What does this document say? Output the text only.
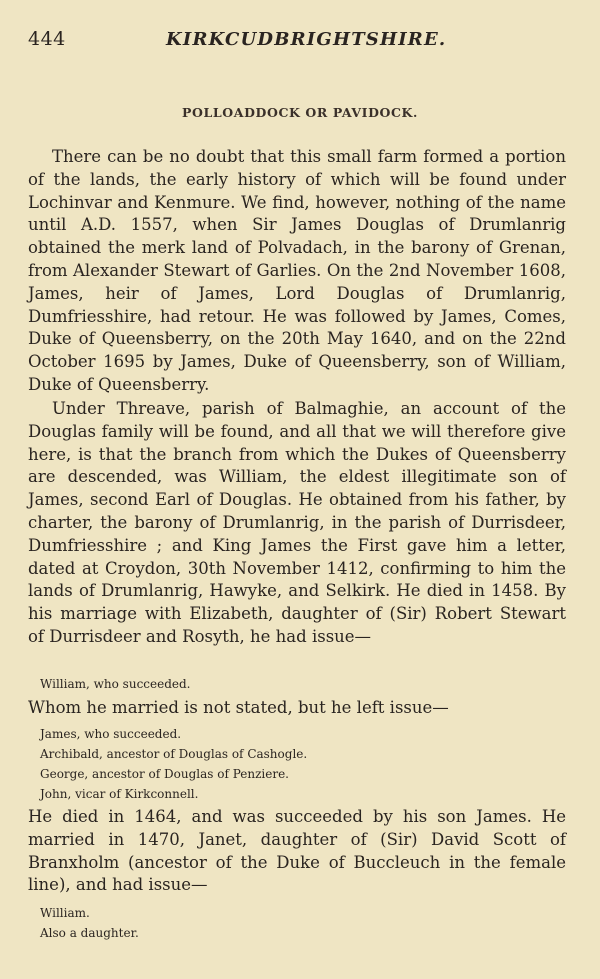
444	KIRKCUDBRIGHTSHIRE.
POLLOADDOCK OR PAVIDOCK.

There can be no doubt that this small farm formed a portion of the lands, the early history of which will be found under Lochinvar and Kenmure. We find, however, nothing of the name until A.D. 1557, when Sir James Douglas of Drumlanrig obtained the merk land of Polvadach, in the barony of Grenan, from Alexander Stewart of Garlies. On the 2nd November 1608, James, heir of James, Lord Douglas of Drumlanrig, Dumfriesshire, had retour. He was followed by James, Comes, Duke of Queensberry, on the 20th May 1640, and on the 22nd October 1695 by James, Duke of Queensberry, son of William, Duke of Queensberry.

Under Threave, parish of Balmaghie, an account of the Douglas family will be found, and all that we will therefore give here, is that the branch from which the Dukes of Queensberry are descended, was William, the eldest illegitimate son of James, second Earl of Douglas. He obtained from his father, by charter, the barony of Drumlanrig, in the parish of Durrisdeer, Dumfriesshire ; and King James the First gave him a letter, dated at Croydon, 30th November 1412, confirming to him the lands of Drumlanrig, Hawyke, and Selkirk. He died in 1458. By his marriage with Elizabeth, daughter of (Sir) Robert Stewart of Durrisdeer and Rosyth, he had issue—

William, who succeeded.

Whom he married is not stated, but he left issue—

James, who succeeded.
Archibald, ancestor of Douglas of Cashogle.
George, ancestor of Douglas of Penziere.
John, vicar of Kirkconnell.

He died in 1464, and was succeeded by his son James. He married in 1470, Janet, daughter of (Sir) David Scott of Branxholm (ancestor of the Duke of Buccleuch in the female line), and had issue—

William.
Also a daughter.
